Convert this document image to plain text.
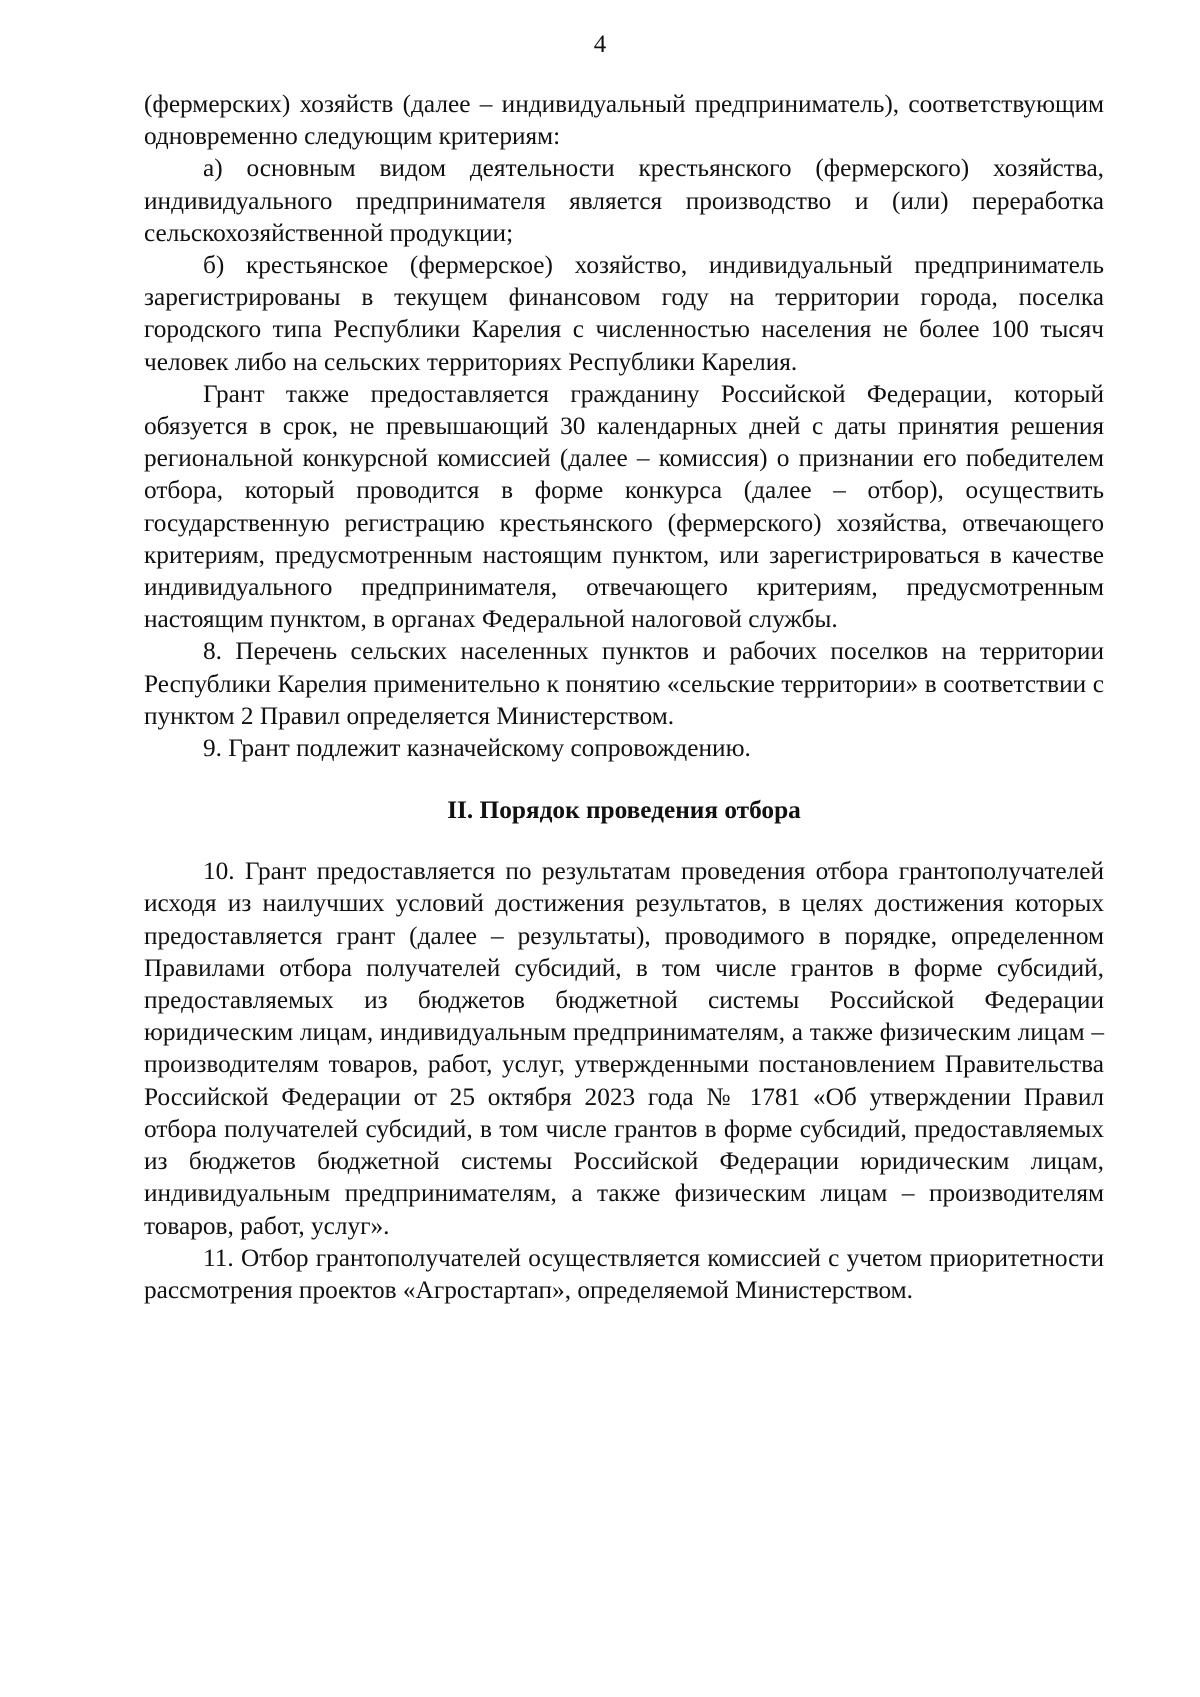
4

(фермерских) хозяйств (далее – индивидуальный предприниматель), соответствующим одновременно следующим критериям:

а) основным видом деятельности крестьянского (фермерского) хозяйства, индивидуального предпринимателя является производство и (или) переработка сельскохозяйственной продукции;

б) крестьянское (фермерское) хозяйство, индивидуальный предприниматель зарегистрированы в текущем финансовом году на территории города, поселка городского типа Республики Карелия с численностью населения не более 100 тысяч человек либо на сельских территориях Республики Карелия.

Грант также предоставляется гражданину Российской Федерации, который обязуется в срок, не превышающий 30 календарных дней с даты принятия решения региональной конкурсной комиссией (далее – комиссия) о признании его победителем отбора, который проводится в форме конкурса (далее – отбор), осуществить государственную регистрацию крестьянского (фермерского) хозяйства, отвечающего критериям, предусмотренным настоящим пунктом, или зарегистрироваться в качестве индивидуального предпринимателя, отвечающего критериям, предусмотренным настоящим пунктом, в органах Федеральной налоговой службы.

8. Перечень сельских населенных пунктов и рабочих поселков на территории Республики Карелия применительно к понятию «сельские территории» в соответствии с пунктом 2 Правил определяется Министерством.

9. Грант подлежит казначейскому сопровождению.

II. Порядок проведения отбора

10. Грант предоставляется по результатам проведения отбора грантополучателей исходя из наилучших условий достижения результатов, в целях достижения которых предоставляется грант (далее – результаты), проводимого в порядке, определенном Правилами отбора получателей субсидий, в том числе грантов в форме субсидий, предоставляемых из бюджетов бюджетной системы Российской Федерации юридическим лицам, индивидуальным предпринимателям, а также физическим лицам – производителям товаров, работ, услуг, утвержденными постановлением Правительства Российской Федерации от 25 октября 2023 года № 1781 «Об утверждении Правил отбора получателей субсидий, в том числе грантов в форме субсидий, предоставляемых из бюджетов бюджетной системы Российской Федерации юридическим лицам, индивидуальным предпринимателям, а также физическим лицам – производителям товаров, работ, услуг».

11. Отбор грантополучателей осуществляется комиссией с учетом приоритетности рассмотрения проектов «Агростартап», определяемой Министерством.
